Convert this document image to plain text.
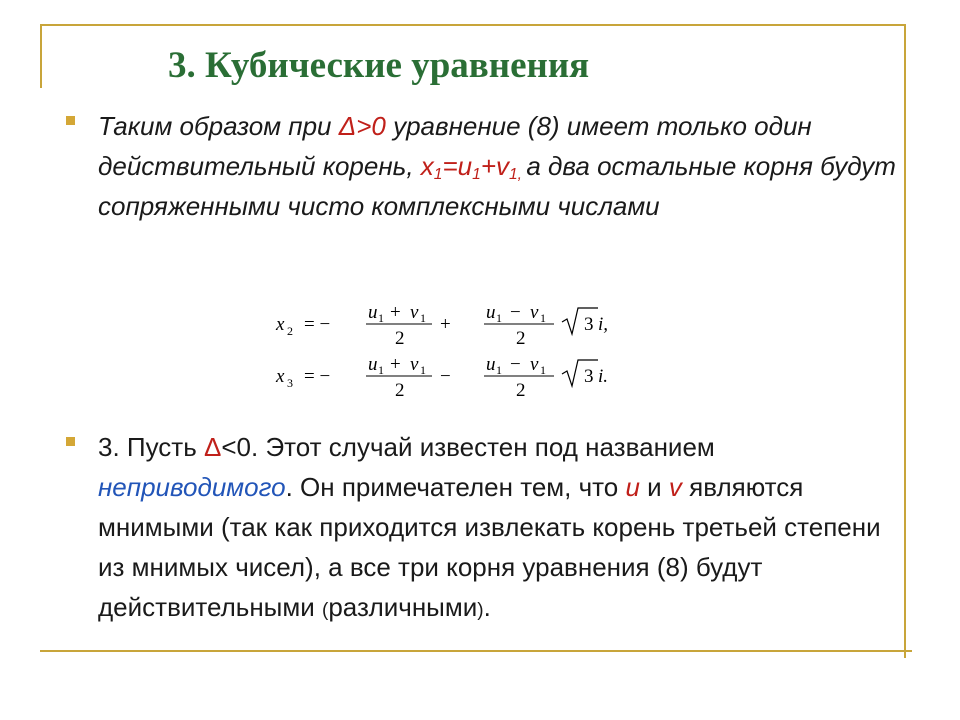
3. Кубические уравнения
Таким образом при Δ>0 уравнение (8) имеет только один действительный корень, $x_1=u_1+v_{1,}$ а два остальные корня будут сопряженными чисто комплексными числами
x 2 = −
u 1 + v 1
2
+
u 1 − v 1
2
3 i,
x 3 = −
u 1 + v 1
2
−
u 1 − v 1
2
3 i.
3. Пусть Δ<0. Этот случай известен под названием неприводимого. Он примечателен тем, что u и v являются мнимыми (так как приходится извлекать корень третьей степени из мнимых чисел), а все три корня уравнения (8) будут действительными (различными).
